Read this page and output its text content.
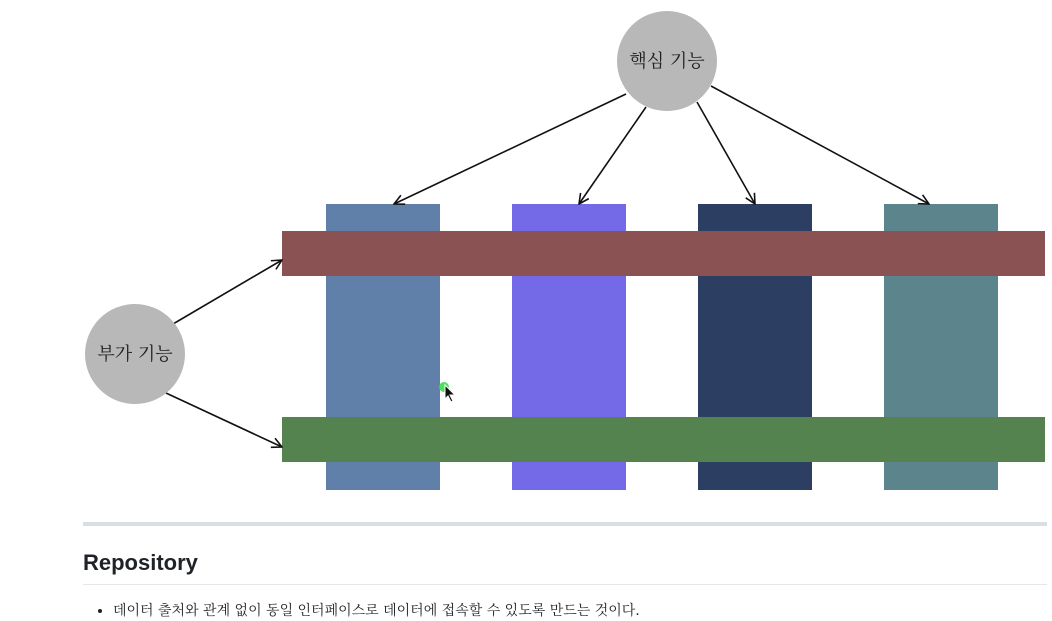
핵심 기능
부가 기능
Repository
• 데이터 출처와 관계 없이 동일 인터페이스로 데이터에 접속할 수 있도록 만드는 것이다.
